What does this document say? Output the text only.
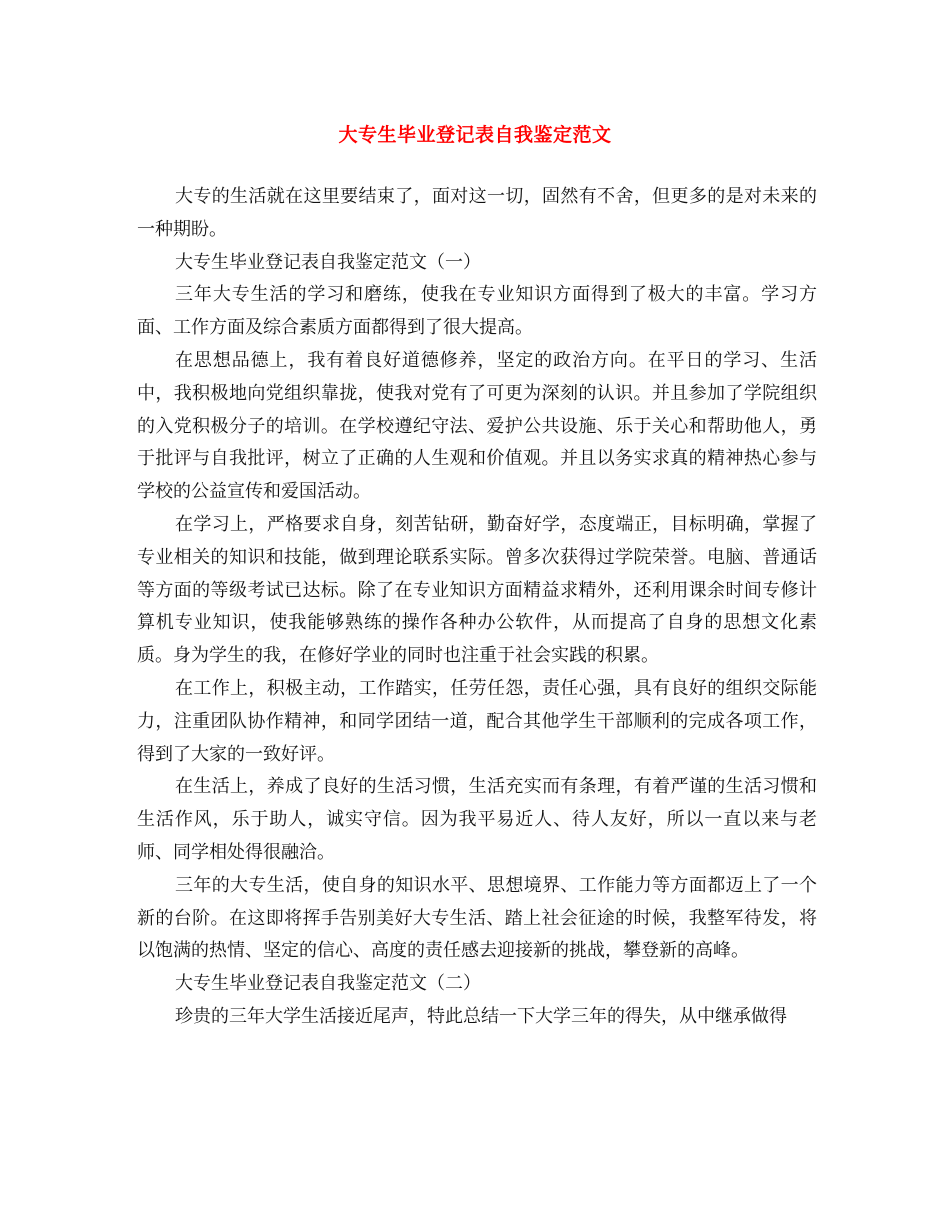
大专生毕业登记表自我鉴定范文

大专的生活就在这里要结束了，面对这一切，固然有不舍，但更多的是对未来的一种期盼。

大专生毕业登记表自我鉴定范文（一）

三年大专生活的学习和磨练，使我在专业知识方面得到了极大的丰富。学习方面、工作方面及综合素质方面都得到了很大提高。

在思想品德上，我有着良好道德修养，坚定的政治方向。在平日的学习、生活中，我积极地向党组织靠拢，使我对党有了可更为深刻的认识。并且参加了学院组织的入党积极分子的培训。在学校遵纪守法、爱护公共设施、乐于关心和帮助他人，勇于批评与自我批评，树立了正确的人生观和价值观。并且以务实求真的精神热心参与学校的公益宣传和爱国活动。

在学习上，严格要求自身，刻苦钻研，勤奋好学，态度端正，目标明确，掌握了专业相关的知识和技能，做到理论联系实际。曾多次获得过学院荣誉。电脑、普通话等方面的等级考试已达标。除了在专业知识方面精益求精外，还利用课余时间专修计算机专业知识，使我能够熟练的操作各种办公软件，从而提高了自身的思想文化素质。身为学生的我，在修好学业的同时也注重于社会实践的积累。

在工作上，积极主动，工作踏实，任劳任怨，责任心强，具有良好的组织交际能力，注重团队协作精神，和同学团结一道，配合其他学生干部顺利的完成各项工作，得到了大家的一致好评。

在生活上，养成了良好的生活习惯，生活充实而有条理，有着严谨的生活习惯和生活作风，乐于助人，诚实守信。因为我平易近人、待人友好，所以一直以来与老师、同学相处得很融洽。

三年的大专生活，使自身的知识水平、思想境界、工作能力等方面都迈上了一个新的台阶。在这即将挥手告别美好大专生活、踏上社会征途的时候，我整军待发，将以饱满的热情、坚定的信心、高度的责任感去迎接新的挑战，攀登新的高峰。

大专生毕业登记表自我鉴定范文（二）

珍贵的三年大学生活接近尾声，特此总结一下大学三年的得失，从中继承做得
